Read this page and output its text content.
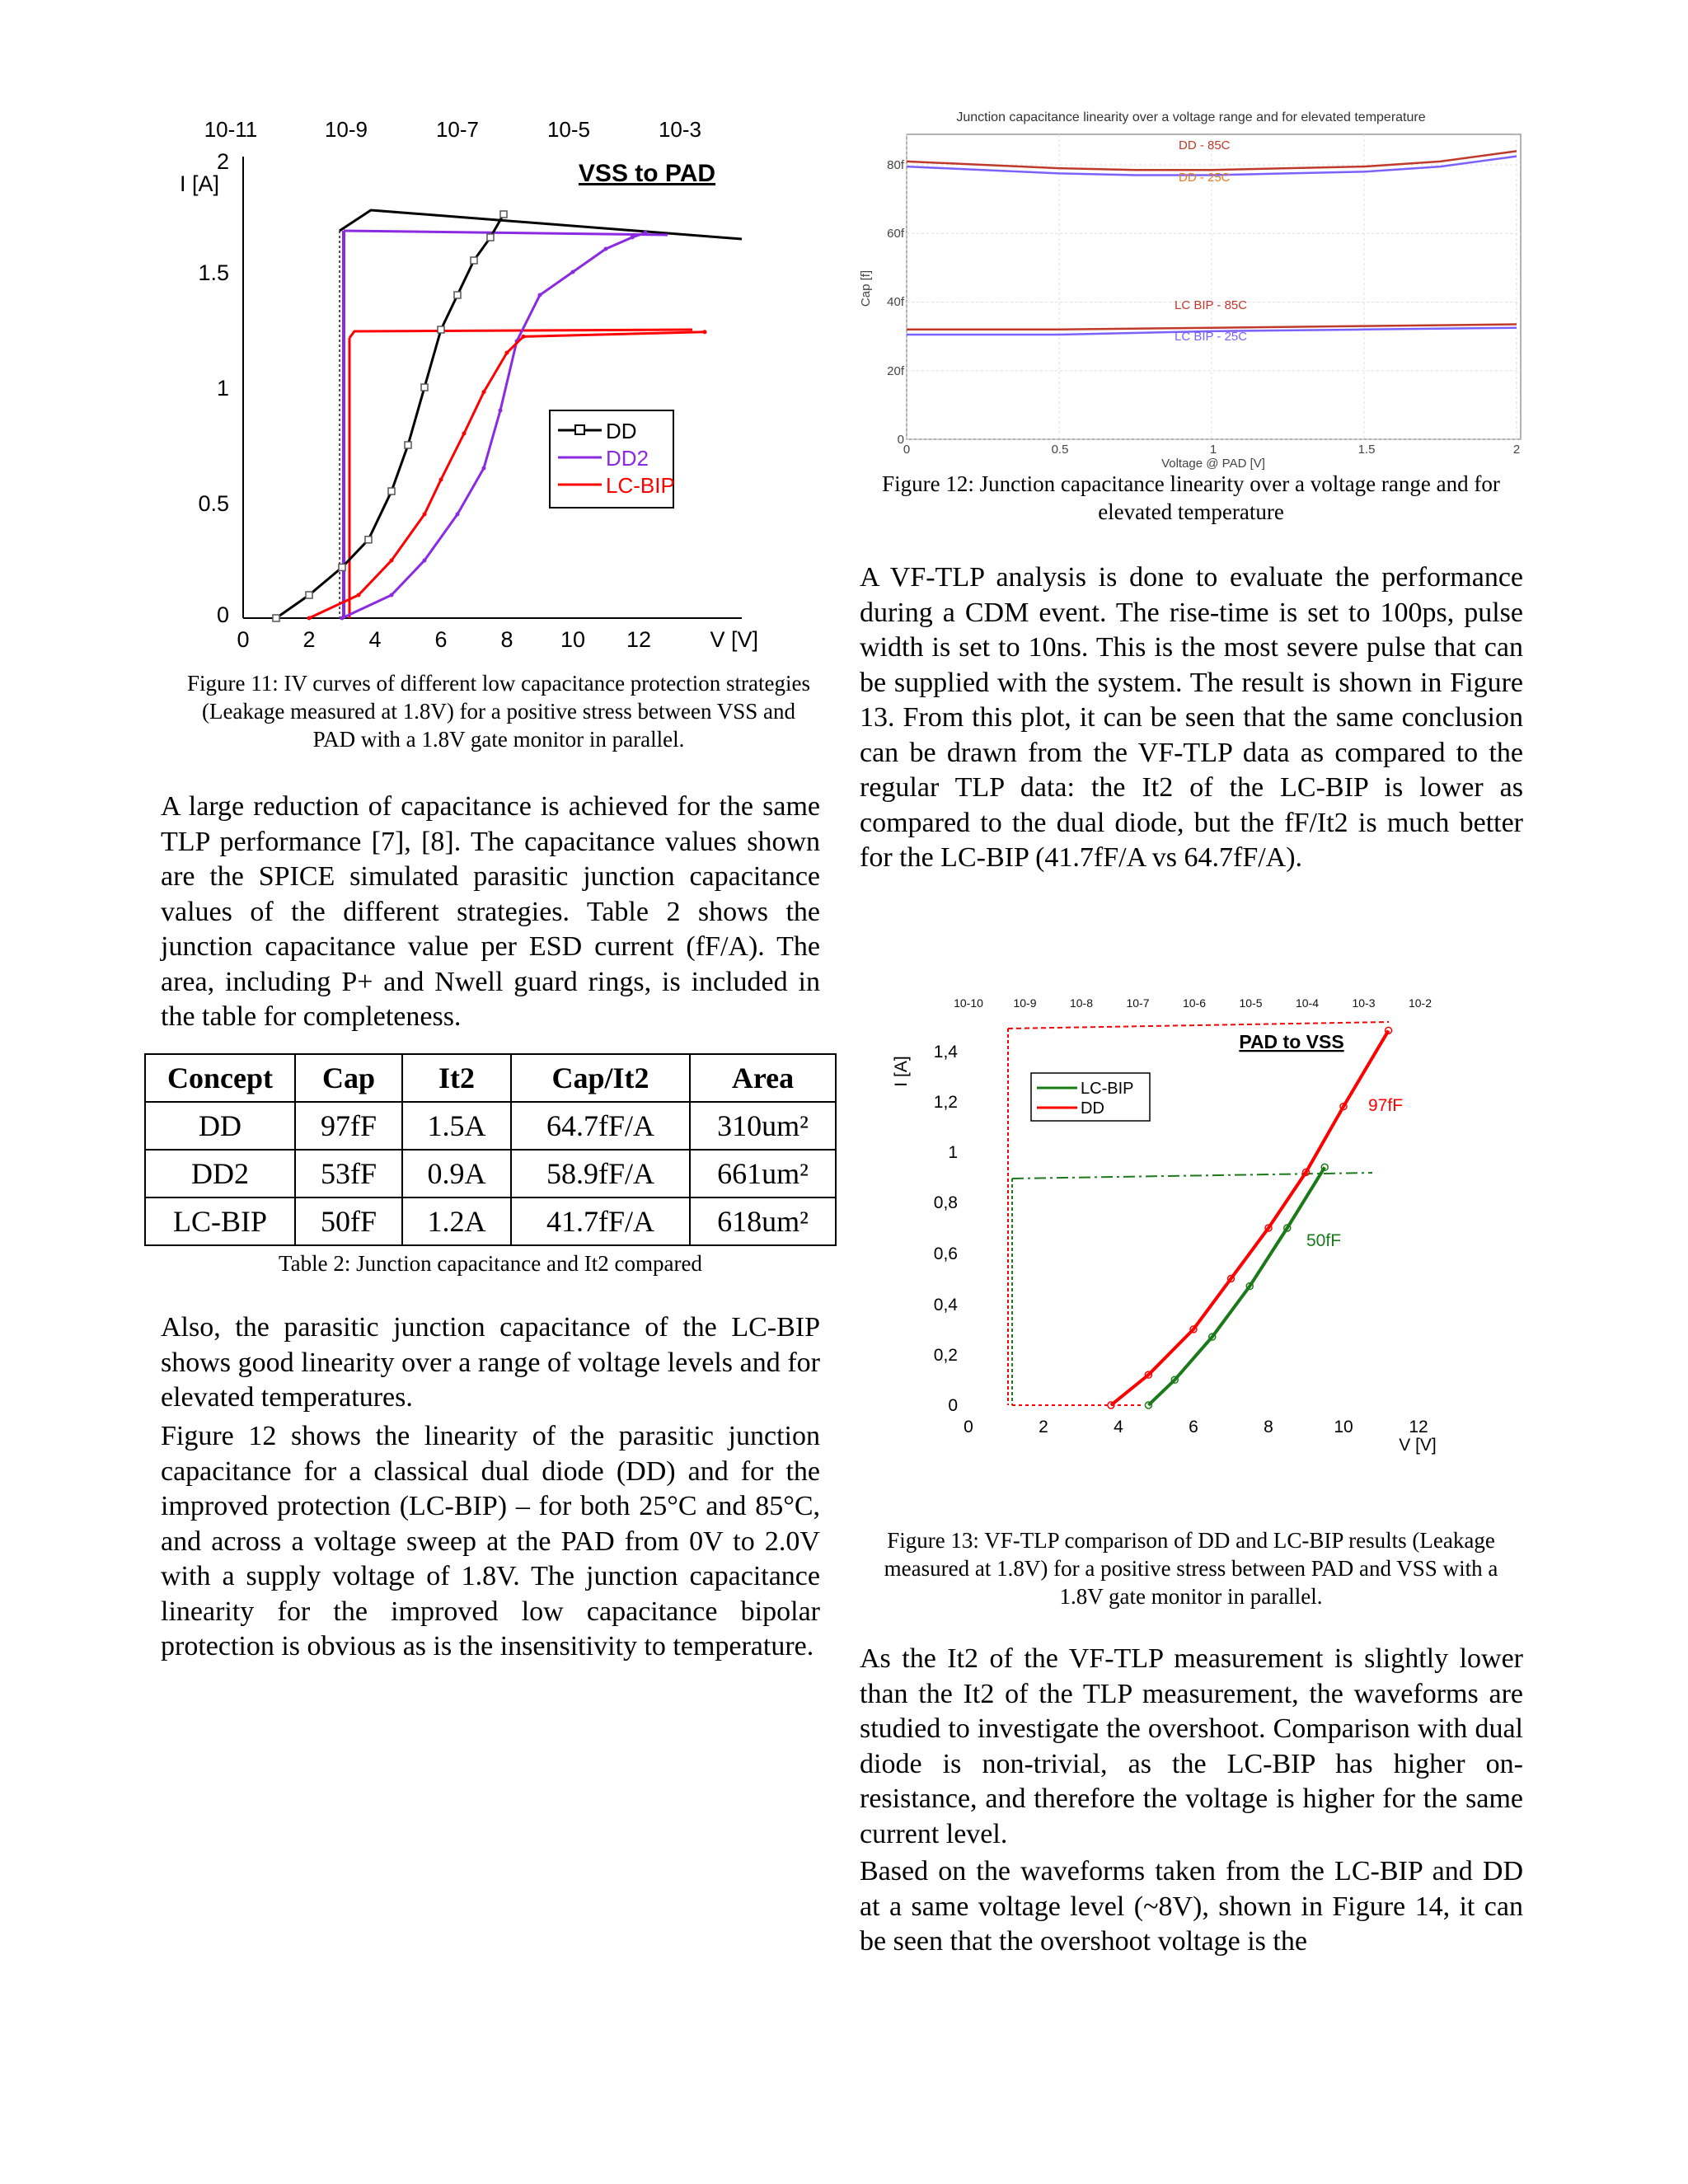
10-11	10-9	10-7	10-5	10-3
0
0.5
1
1.5
2
I [A]
0 2 4 6 8 10 12	V [V]
VSS to PAD
DD
DD2
LC-BIP

Figure 11: IV curves of different low capacitance protection strategies (Leakage measured at 1.8V) for a positive stress between VSS and PAD with a 1.8V gate monitor in parallel.

A large reduction of capacitance is achieved for the same TLP performance [7], [8]. The capacitance values shown are the SPICE simulated parasitic junction capacitance values of the different strategies. Table 2 shows the junction capacitance value per ESD current (fF/A). The area, including P+ and Nwell guard rings, is included in the table for completeness.

Concept	Cap	It2	Cap/It2	Area
DD	97fF	1.5A	64.7fF/A	310um²
DD2	53fF	0.9A	58.9fF/A	661um²
LC-BIP	50fF	1.2A	41.7fF/A	618um²

Table 2: Junction capacitance and It2 compared

Also, the parasitic junction capacitance of the LC-BIP shows good linearity over a range of voltage levels and for elevated temperatures.

Figure 12 shows the linearity of the parasitic junction capacitance for a classical dual diode (DD) and for the improved protection (LC-BIP) – for both 25°C and 85°C, and across a voltage sweep at the PAD from 0V to 2.0V with a supply voltage of 1.8V. The junction capacitance linearity for the improved low capacitance bipolar protection is obvious as is the insensitivity to temperature.

Junction capacitance linearity over a voltage range and for elevated temperature
0
20f
40f
60f
80f
Cap [f]
0	0.5	1	1.5	2
Voltage @ PAD [V]
DD - 85C
DD - 25C
LC BIP - 85C
LC BIP - 25C

Figure 12: Junction capacitance linearity over a voltage range and for elevated temperature

A VF-TLP analysis is done to evaluate the performance during a CDM event. The rise-time is set to 100ps, pulse width is set to 10ns. This is the most severe pulse that can be supplied with the system. The result is shown in Figure 13. From this plot, it can be seen that the same conclusion can be drawn from the VF-TLP data as compared to the regular TLP data: the It2 of the LC-BIP is lower as compared to the dual diode, but the fF/It2 is much better for the LC-BIP (41.7fF/A vs 64.7fF/A).

10-10	10-9	10-8	10-7	10-6	10-5	10-4	10-3	10-2
0
0,2
0,4
0,6
0,8
1
1,2
1,4
I [A]
0	2	4	6	8	10	12
V [V]
PAD to VSS
LC-BIP
DD	97fF
50fF

Figure 13: VF-TLP comparison of DD and LC-BIP results (Leakage measured at 1.8V) for a positive stress between PAD and VSS with a 1.8V gate monitor in parallel.

As the It2 of the VF-TLP measurement is slightly lower than the It2 of the TLP measurement, the waveforms are studied to investigate the overshoot. Comparison with dual diode is non-trivial, as the LC-BIP has higher on-resistance, and therefore the voltage is higher for the same current level.

Based on the waveforms taken from the LC-BIP and DD at a same voltage level (~8V), shown in Figure 14, it can be seen that the overshoot voltage is the
